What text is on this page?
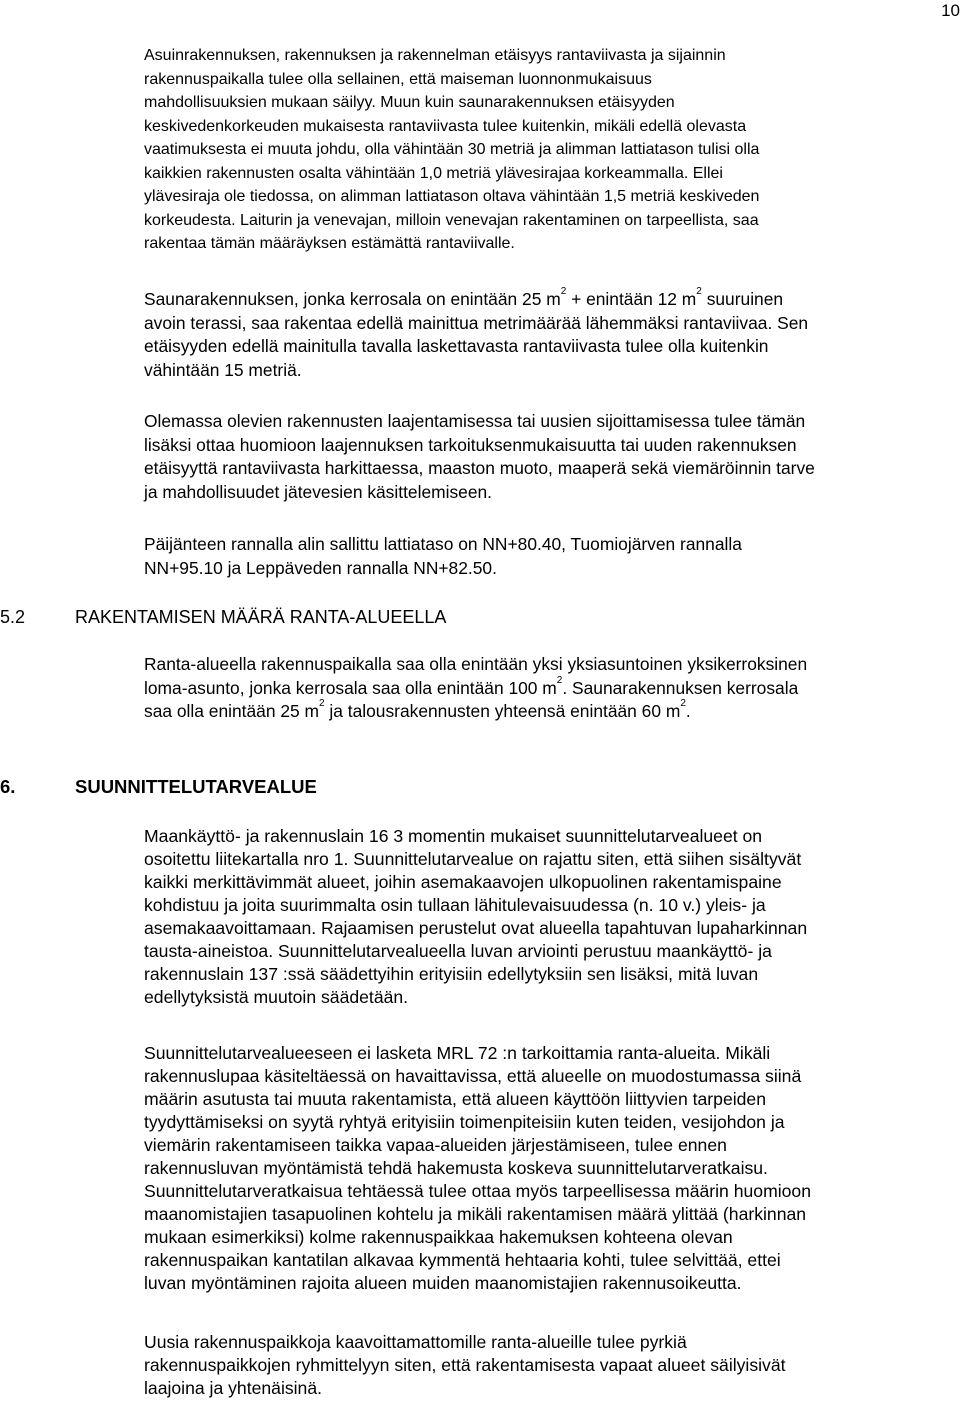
10
Asuinrakennuksen, rakennuksen ja rakennelman etäisyys rantaviivasta ja sijainnin
rakennuspaikalla tulee olla sellainen, että maiseman luonnonmukaisuus
mahdollisuuksien mukaan säilyy. Muun kuin saunarakennuksen etäisyyden
keskivedenkorkeuden mukaisesta rantaviivasta tulee kuitenkin, mikäli edellä olevasta
vaatimuksesta ei muuta johdu, olla vähintään 30 metriä ja alimman lattiatason tulisi olla
kaikkien rakennusten osalta vähintään 1,0 metriä ylävesirajaa korkeammalla. Ellei
ylävesiraja ole tiedossa, on alimman lattiatason oltava vähintään 1,5 metriä keskiveden
korkeudesta. Laiturin ja venevajan, milloin venevajan rakentaminen on tarpeellista, saa
rakentaa tämän määräyksen estämättä rantaviivalle.
Saunarakennuksen, jonka kerrosala on enintään 25 $m^2$ + enintään 12 $m^2$ suuruinen
avoin terassi, saa rakentaa edellä mainittua metrimäärää lähemmäksi rantaviivaa. Sen
etäisyyden edellä mainitulla tavalla laskettavasta rantaviivasta tulee olla kuitenkin
vähintään 15 metriä.
Olemassa olevien rakennusten laajentamisessa tai uusien sijoittamisessa tulee tämän
lisäksi ottaa huomioon laajennuksen tarkoituksenmukaisuutta tai uuden rakennuksen
etäisyyttä rantaviivasta harkittaessa, maaston muoto, maaperä sekä viemäröinnin tarve
ja mahdollisuudet jätevesien käsittelemiseen.
Päijänteen rannalla alin sallittu lattiataso on NN+80.40, Tuomiojärven rannalla
NN+95.10 ja Leppäveden rannalla NN+82.50.
5.2	RAKENTAMISEN MÄÄRÄ RANTA-ALUEELLA
Ranta-alueella rakennuspaikalla saa olla enintään yksi yksiasuntoinen yksikerroksinen
loma-asunto, jonka kerrosala saa olla enintään 100 $m^2$. Saunarakennuksen kerrosala
saa olla enintään 25 $m^2$ ja talousrakennusten yhteensä enintään 60 $m^2$.
6.	SUUNNITTELUTARVEALUE
Maankäyttö- ja rakennuslain 16 3 momentin mukaiset suunnittelutarvealueet on
osoitettu liitekartalla nro 1. Suunnittelutarvealue on rajattu siten, että siihen sisältyvät
kaikki merkittävimmät alueet, joihin asemakaavojen ulkopuolinen rakentamispaine
kohdistuu ja joita suurimmalta osin tullaan lähitulevaisuudessa (n. 10 v.) yleis- ja
asemakaavoittamaan. Rajaamisen perustelut ovat alueella tapahtuvan lupaharkinnan
tausta-aineistoa. Suunnittelutarvealueella luvan arviointi perustuu maankäyttö- ja
rakennuslain 137 :ssä säädettyihin erityisiin edellytyksiin sen lisäksi, mitä luvan
edellytyksistä muutoin säädetään.
Suunnittelutarvealueeseen ei lasketa MRL 72 :n tarkoittamia ranta-alueita. Mikäli
rakennuslupaa käsiteltäessä on havaittavissa, että alueelle on muodostumassa siinä
määrin asutusta tai muuta rakentamista, että alueen käyttöön liittyvien tarpeiden
tyydyttämiseksi on syytä ryhtyä erityisiin toimenpiteisiin kuten teiden, vesijohdon ja
viemärin rakentamiseen taikka vapaa-alueiden järjestämiseen, tulee ennen
rakennusluvan myöntämistä tehdä hakemusta koskeva suunnittelutarveratkaisu.
Suunnittelutarveratkaisua tehtäessä tulee ottaa myös tarpeellisessa määrin huomioon
maanomistajien tasapuolinen kohtelu ja mikäli rakentamisen määrä ylittää (harkinnan
mukaan esimerkiksi) kolme rakennuspaikkaa hakemuksen kohteena olevan
rakennuspaikan kantatilan alkavaa kymmentä hehtaaria kohti, tulee selvittää, ettei
luvan myöntäminen rajoita alueen muiden maanomistajien rakennusoikeutta.
Uusia rakennuspaikkoja kaavoittamattomille ranta-alueille tulee pyrkiä
rakennuspaikkojen ryhmittelyyn siten, että rakentamisesta vapaat alueet säilyisivät
laajoina ja yhtenäisinä.
